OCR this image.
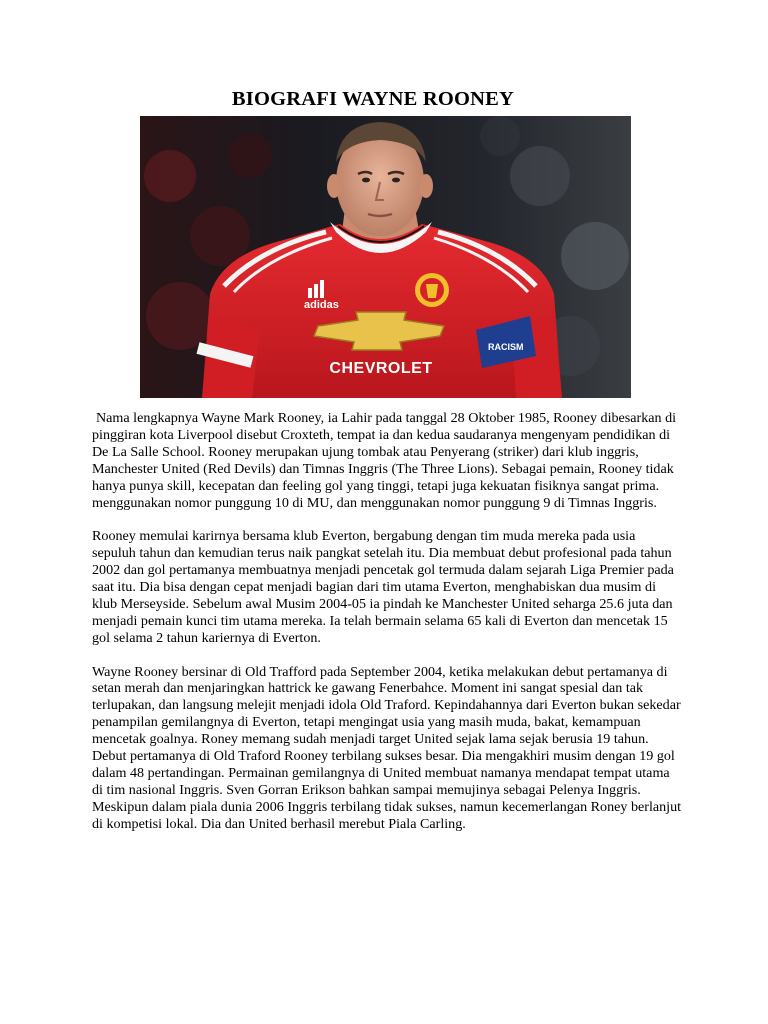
BIOGRAFI WAYNE ROONEY
RACISM
adidas
CHEVROLET

Nama lengkapnya Wayne Mark Rooney, ia Lahir pada tanggal 28 Oktober 1985, Rooney dibesarkan di pinggiran kota Liverpool disebut Croxteth, tempat ia dan kedua saudaranya mengenyam pendidikan di De La Salle School. Rooney merupakan ujung tombak atau Penyerang (striker) dari klub inggris, Manchester United (Red Devils) dan Timnas Inggris (The Three Lions). Sebagai pemain, Rooney tidak hanya punya skill, kecepatan dan feeling gol yang tinggi, tetapi juga kekuatan fisiknya sangat prima. menggunakan nomor punggung 10 di MU, dan menggunakan nomor punggung 9 di Timnas Inggris.

Rooney memulai karirnya bersama klub Everton, bergabung dengan tim muda mereka pada usia sepuluh tahun dan kemudian terus naik pangkat setelah itu. Dia membuat debut profesional pada tahun 2002 dan gol pertamanya membuatnya menjadi pencetak gol termuda dalam sejarah Liga Premier pada saat itu. Dia bisa dengan cepat menjadi bagian dari tim utama Everton, menghabiskan dua musim di klub Merseyside. Sebelum awal Musim 2004-05 ia pindah ke Manchester United seharga 25.6 juta dan menjadi pemain kunci tim utama mereka. Ia telah bermain selama 65 kali di Everton dan mencetak 15 gol selama 2 tahun kariernya di Everton.

Wayne Rooney bersinar di Old Trafford pada September 2004, ketika melakukan debut pertamanya di setan merah dan menjaringkan hattrick ke gawang Fenerbahce. Moment ini sangat spesial dan tak terlupakan, dan langsung melejit menjadi idola Old Traford. Kepindahannya dari Everton bukan sekedar penampilan gemilangnya di Everton, tetapi mengingat usia yang masih muda, bakat, kemampuan mencetak goalnya. Roney memang sudah menjadi target United sejak lama sejak berusia 19 tahun. Debut pertamanya di Old Traford Rooney terbilang sukses besar. Dia mengakhiri musim dengan 19 gol dalam 48 pertandingan. Permainan gemilangnya di United membuat namanya mendapat tempat utama di tim nasional Inggris. Sven Gorran Erikson bahkan sampai memujinya sebagai Pelenya Inggris. Meskipun dalam piala dunia 2006 Inggris terbilang tidak sukses, namun kecemerlangan Roney berlanjut di kompetisi lokal. Dia dan United berhasil merebut Piala Carling.
